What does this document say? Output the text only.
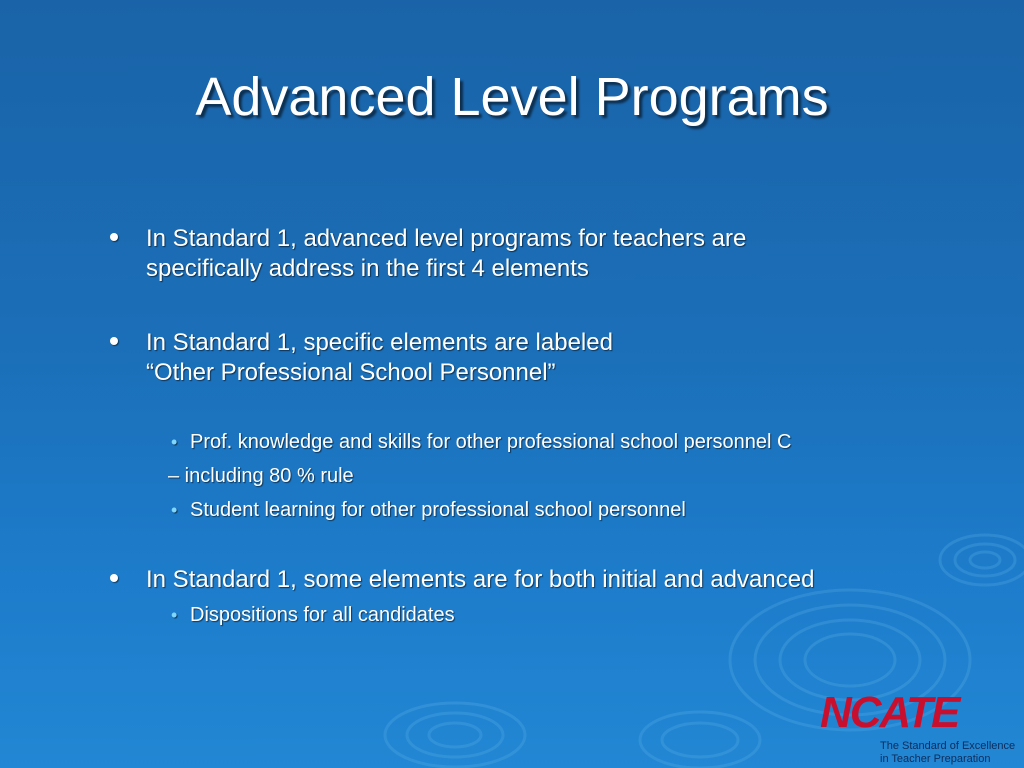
Advanced Level Programs
In Standard 1, advanced level programs for teachers are
specifically address in the first 4 elements
In Standard 1, specific elements are labeled
“Other Professional School Personnel”
• Prof. knowledge and skills for other professional school personnel C
– including 80 % rule
• Student learning for other professional school personnel
In Standard 1, some elements are for both initial and advanced
• Dispositions for all candidates
NCATE
The Standard of Excellence
in Teacher Preparation
